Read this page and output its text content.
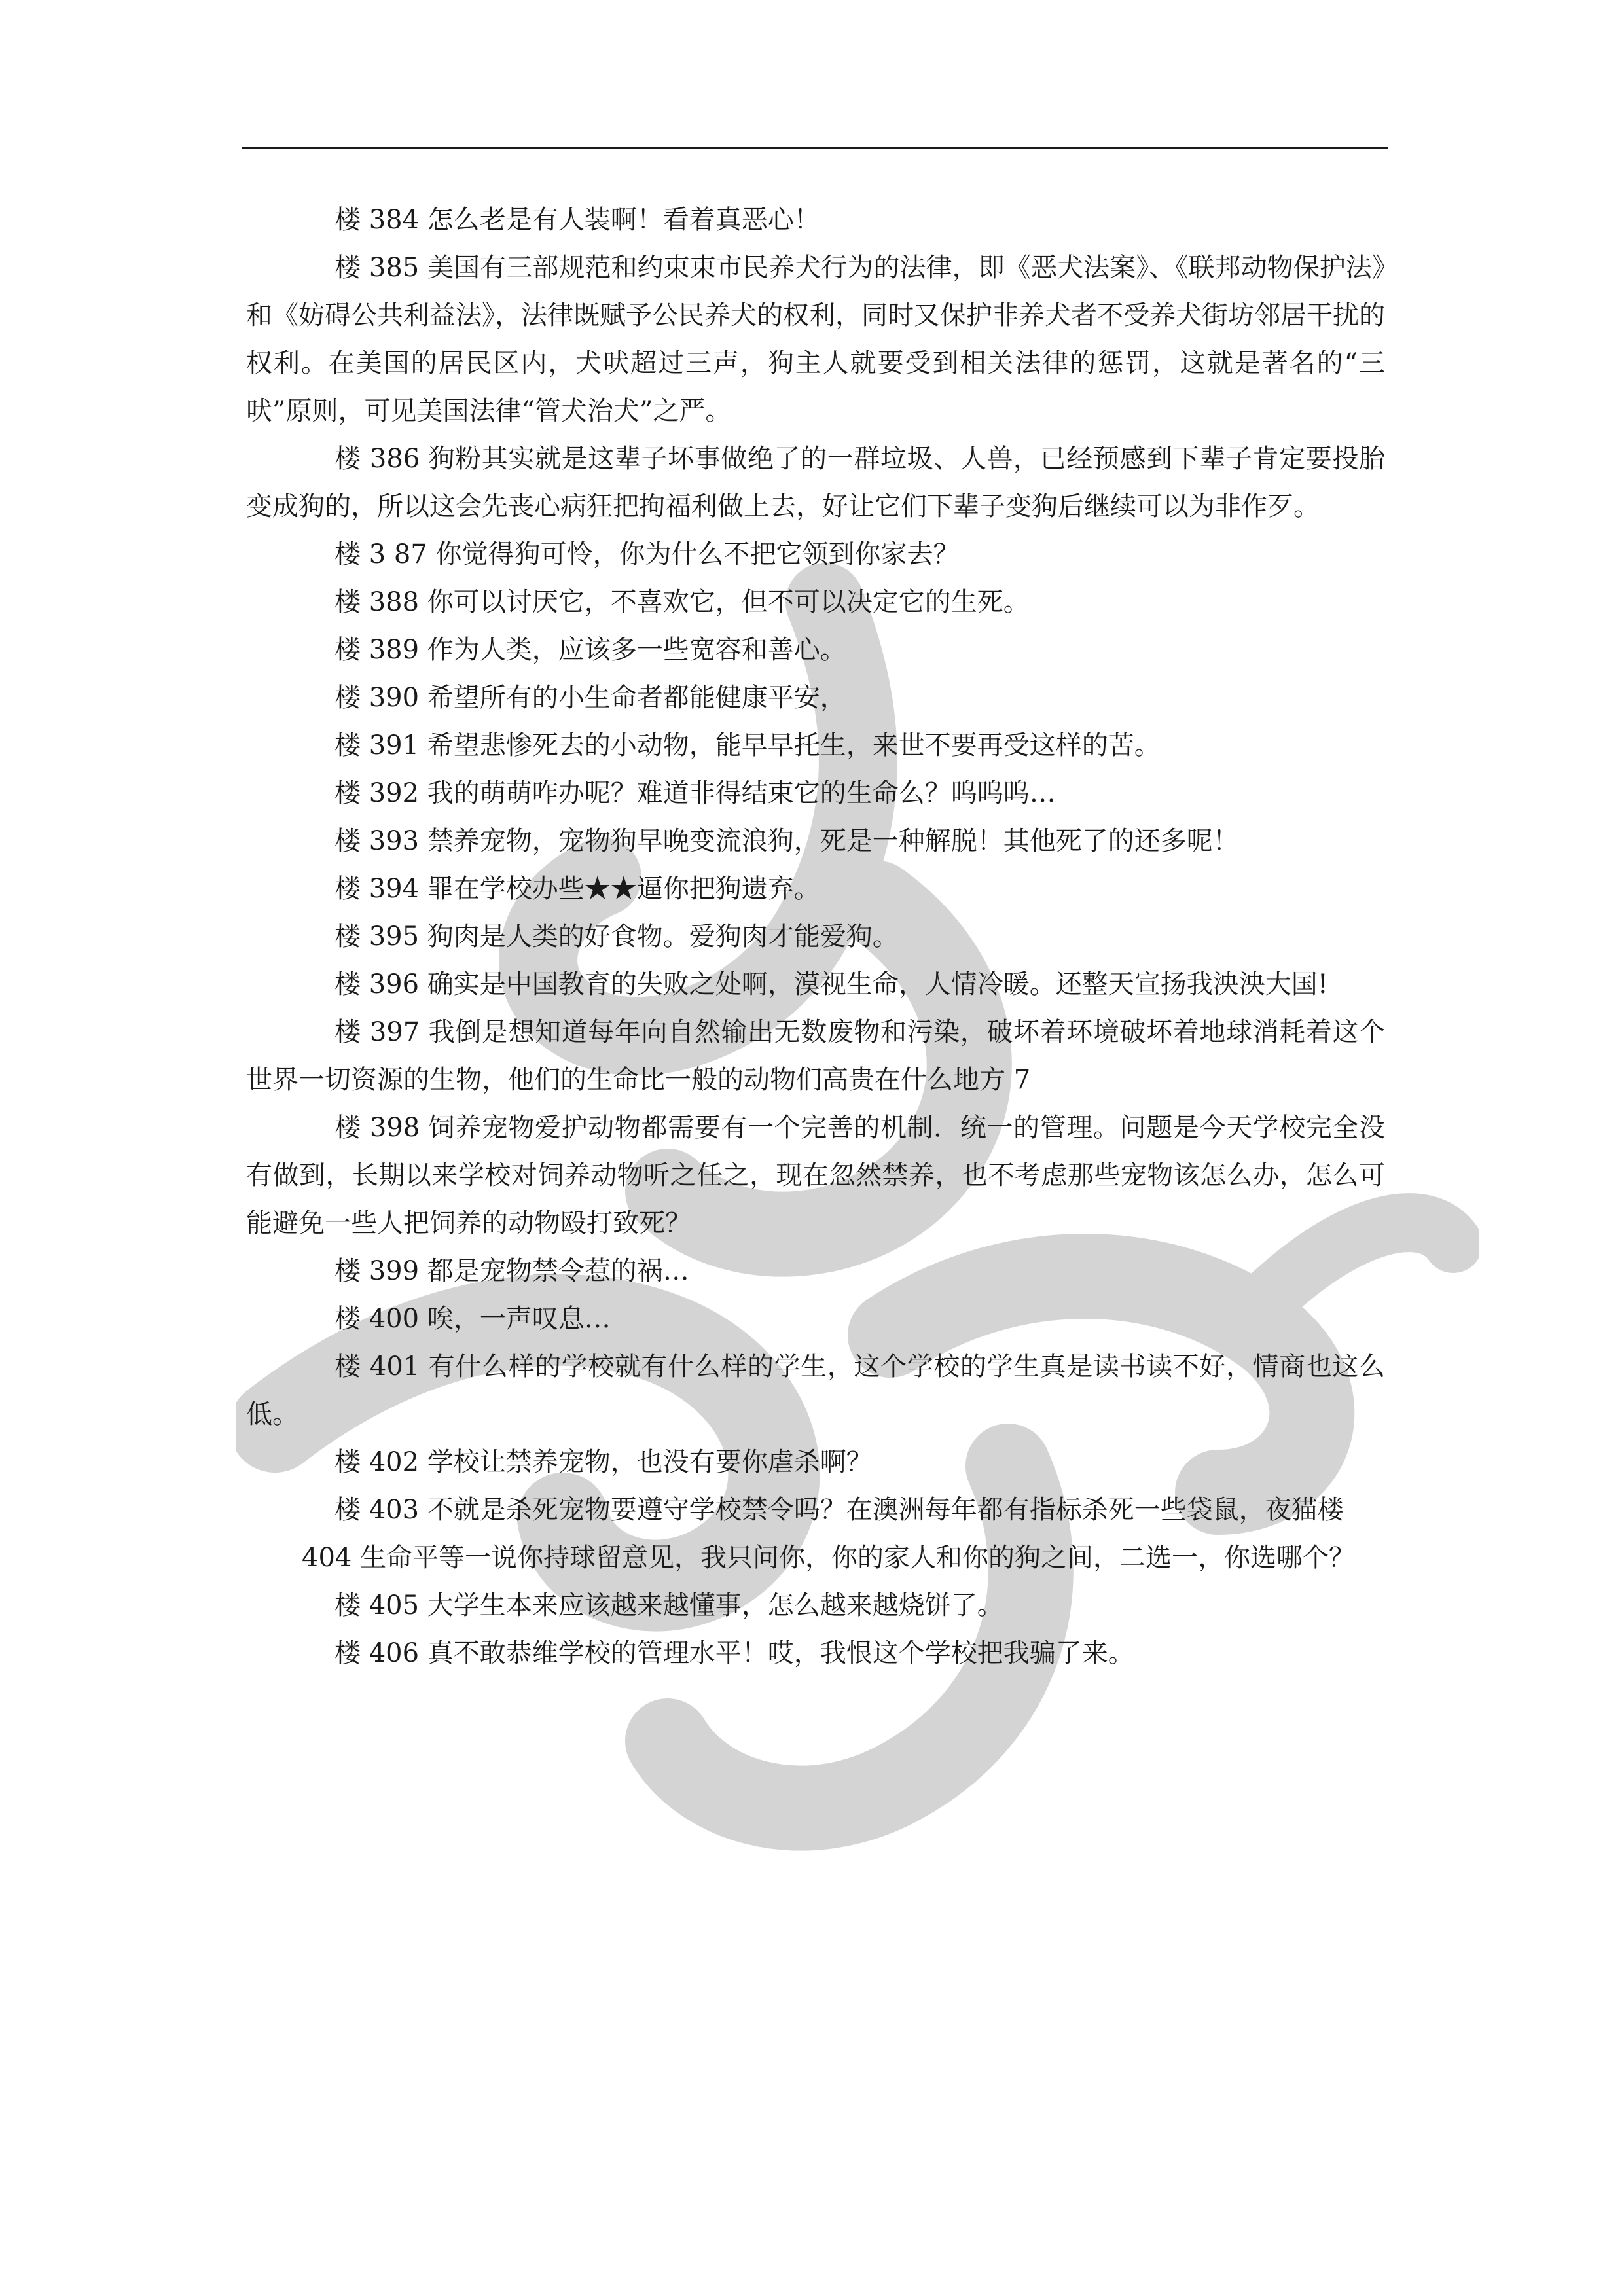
楼 384 怎么老是有人装啊！看着真恶心！

楼 385 美国有三部规范和约束束市民养犬行为的法律，即《恶犬法案》、《联邦动物保护法》和《妨碍公共利益法》，法律既赋予公民养犬的权利，同时又保护非养犬者不受养犬街坊邻居干扰的权利。在美国的居民区内，犬吠超过三声，狗主人就要受到相关法律的惩罚，这就是著名的“三吠”原则，可见美国法律“管犬治犬”之严。

楼 386 狗粉其实就是这辈子坏事做绝了的一群垃圾、人兽，已经预感到下辈子肯定要投胎变成狗的，所以这会先丧心病狂把拘福利做上去，好让它们下辈子变狗后继续可以为非作歹。

楼 3 87 你觉得狗可怜，你为什么不把它领到你家去？

楼 388 你可以讨厌它，不喜欢它，但不可以决定它的生死。

楼 389 作为人类，应该多一些宽容和善心。

楼 390 希望所有的小生命者都能健康平安，

楼 391 希望悲惨死去的小动物，能早早托生，来世不要再受这样的苦。

楼 392 我的萌萌咋办呢？难道非得结束它的生命么？呜呜呜…

楼 393 禁养宠物，宠物狗早晚变流浪狗，死是一种解脱！其他死了的还多呢！

楼 394 罪在学校办些★★逼你把狗遗弃。

楼 395 狗肉是人类的好食物。爱狗肉才能爱狗。

楼 396 确实是中国教育的失败之处啊，漠视生命，人情冷暖。还整天宣扬我泱泱大国!

楼 397 我倒是想知道每年向自然输出无数废物和污染，破坏着环境破坏着地球消耗着这个世界一切资源的生物，他们的生命比一般的动物们高贵在什么地方 7

楼 398 饲养宠物爱护动物都需要有一个完善的机制．统一的管理。问题是今天学校完全没有做到，长期以来学校对饲养动物听之任之，现在忽然禁养，也不考虑那些宠物该怎么办，怎么可能避免一些人把饲养的动物殴打致死？

楼 399 都是宠物禁令惹的祸…

楼 400 唉，一声叹息…

楼 401 有什么样的学校就有什么样的学生，这个学校的学生真是读书读不好，情商也这么低。

楼 402 学校让禁养宠物，也没有要你虐杀啊？

楼 403 不就是杀死宠物要遵守学校禁令吗？在澳洲每年都有指标杀死一些袋鼠，夜猫楼

404 生命平等一说你持球留意见，我只问你，你的家人和你的狗之间，二选一，你选哪个？

楼 405 大学生本来应该越来越懂事，怎么越来越烧饼了。

楼 406 真不敢恭维学校的管理水平！哎，我恨这个学校把我骗了来。
